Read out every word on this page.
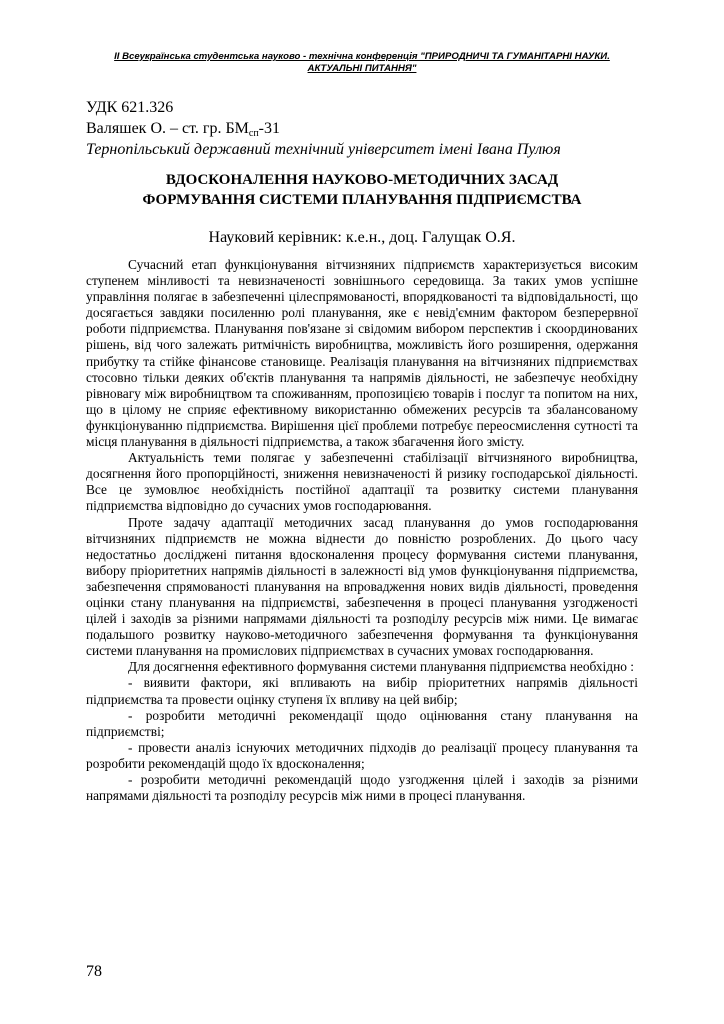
ІІ Всеукраїнська студентська науково - технічна конференція "ПРИРОДНИЧІ ТА ГУМАНІТАРНІ НАУКИ.
АКТУАЛЬНІ ПИТАННЯ"
УДК 621.326
Валяшек О. – ст. гр. $БМ_{сп}-31$
Тернопільський державний технічний університет імені Івана Пулюя
ВДОСКОНАЛЕННЯ НАУКОВО-МЕТОДИЧНИХ ЗАСАД
ФОРМУВАННЯ СИСТЕМИ ПЛАНУВАННЯ ПІДПРИЄМСТВА
Науковий керівник: к.е.н., доц. Галущак О.Я.

Сучасний етап функціонування вітчизняних підприємств характеризується високим ступенем мінливості та невизначеності зовнішнього середовища. За таких умов успішне управління полягає в забезпеченні цілеспрямованості, впорядкованості та відповідальності, що досягається завдяки посиленню ролі планування, яке є невід'ємним фактором безперервної роботи підприємства. Планування пов'язане зі свідомим вибором перспектив і скоординованих рішень, від чого залежать ритмічність виробництва, можливість його розширення, одержання прибутку та стійке фінансове становище. Реалізація планування на вітчизняних підприємствах стосовно тільки деяких об'єктів планування та напрямів діяльності, не забезпечує необхідну рівновагу між виробництвом та споживанням, пропозицією товарів і послуг та попитом на них, що в цілому не сприяє ефективному використанню обмежених ресурсів та збалансованому функціонуванню підприємства. Вирішення цієї проблеми потребує переосмислення сутності та місця планування в діяльності підприємства, а також збагачення його змісту.

Актуальність теми полягає у забезпеченні стабілізації вітчизняного виробництва, досягнення його пропорційності, зниження невизначеності й ризику господарської діяльності. Все це зумовлює необхідність постійної адаптації та розвитку системи планування підприємства відповідно до сучасних умов господарювання.

Проте задачу адаптації методичних засад планування до умов господарювання вітчизняних підприємств не можна віднести до повністю розроблених. До цього часу недостатньо досліджені питання вдосконалення процесу формування системи планування, вибору пріоритетних напрямів діяльності в залежності від умов функціонування підприємства, забезпечення спрямованості планування на впровадження нових видів діяльності, проведення оцінки стану планування на підприємстві, забезпечення в процесі планування узгодженості цілей і заходів за різними напрямами діяльності та розподілу ресурсів між ними. Це вимагає подальшого розвитку науково-методичного забезпечення формування та функціонування системи планування на промислових підприємствах в сучасних умовах господарювання.

Для досягнення ефективного формування системи планування підприємства необхідно :

- виявити фактори, які впливають на вибір пріоритетних напрямів діяльності підприємства та провести оцінку ступеня їх впливу на цей вибір;

- розробити методичні рекомендації щодо оцінювання стану планування на підприємстві;

- провести аналіз існуючих методичних підходів до реалізації процесу планування та розробити рекомендацій щодо їх вдосконалення;

- розробити методичні рекомендацій щодо узгодження цілей і заходів за різними напрямами діяльності та розподілу ресурсів між ними в процесі планування.

78
